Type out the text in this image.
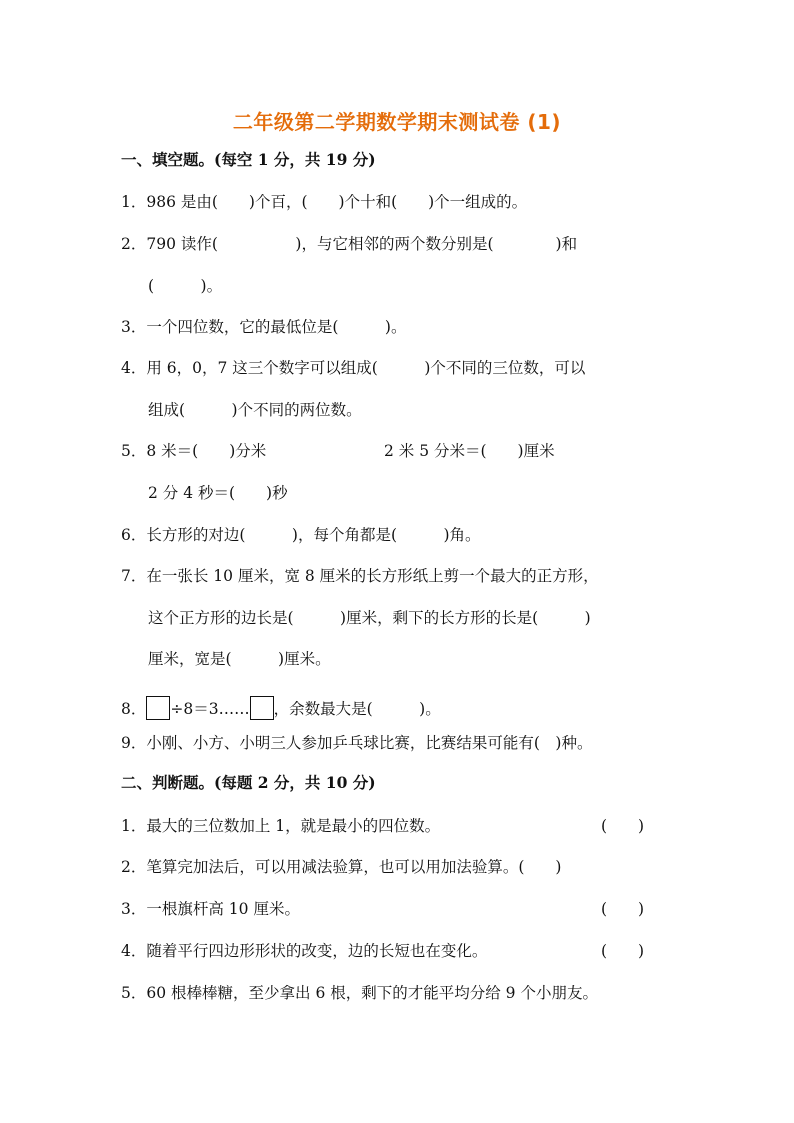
二年级第二学期数学期末测试卷 (1)
一、填空题。(每空 1 分，共 19 分)
1．986 是由(　　)个百，(　　)个十和(　　)个一组成的。
2．790 读作(　　　　　)，与它相邻的两个数分别是(　　　　)和
(　　　)。
3．一个四位数，它的最低位是(　　　)。
4．用 6，0，7 这三个数字可以组成(　　　)个不同的三位数，可以
组成(　　　)个不同的两位数。
5．8 米＝(　　)分米	2 米 5 分米＝(　　)厘米
2 分 4 秒＝(　　)秒
6．长方形的对边(　　　)，每个角都是(　　　)角。
7．在一张长 10 厘米，宽 8 厘米的长方形纸上剪一个最大的正方形，
这个正方形的边长是(　　　)厘米，剩下的长方形的长是(　　　)
厘米，宽是(　　　)厘米。
8． ÷8＝3…… ，余数最大是(　　　)。
9．小刚、小方、小明三人参加乒乓球比赛，比赛结果可能有(　)种。
二、判断题。(每题 2 分，共 10 分)
1．最大的三位数加上 1，就是最小的四位数。	(　　)
2．笔算完加法后，可以用减法验算，也可以用加法验算。(　　)
3．一根旗杆高 10 厘米。	(　　)
4．随着平行四边形形状的改变，边的长短也在变化。	(　　)
5．60 根棒棒糖，至少拿出 6 根，剩下的才能平均分给 9 个小朋友。
